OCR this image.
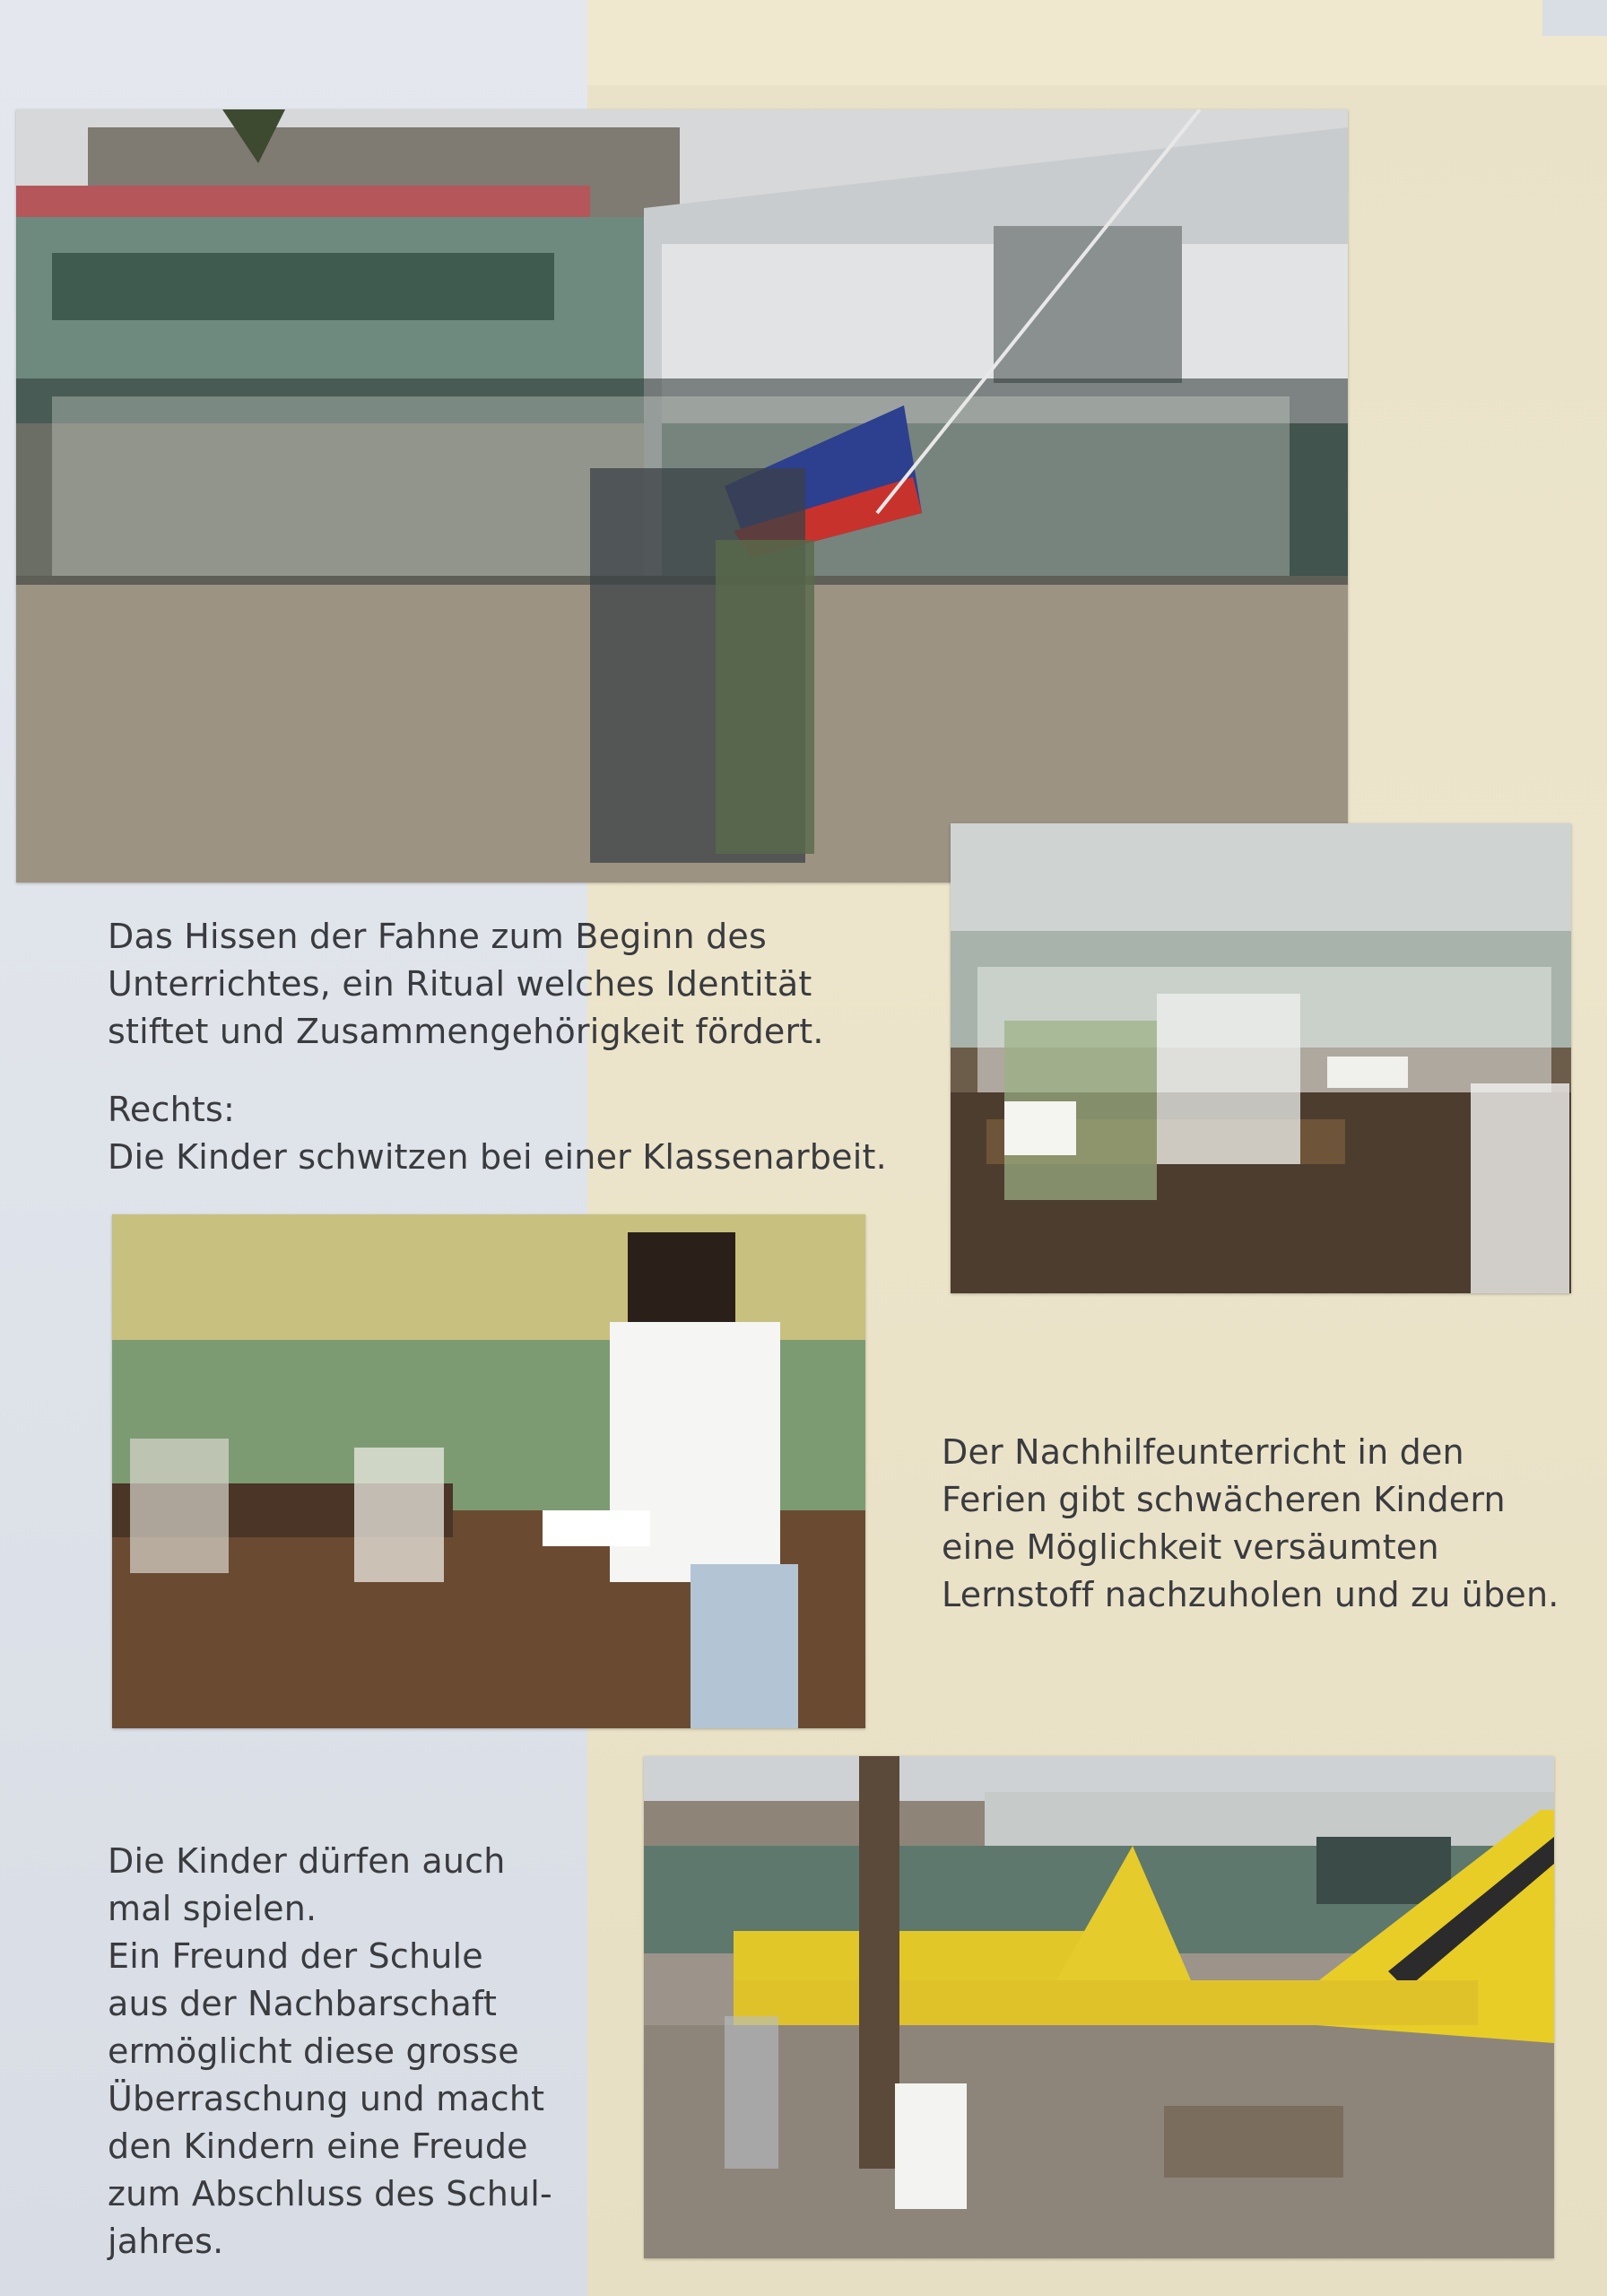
Das Hissen der Fahne zum Beginn des

Unterrichtes, ein Ritual welches Identität

stiftet und Zusammengehörigkeit fördert.

Rechts:

Die Kinder schwitzen bei einer Klassenarbeit.

Der Nachhilfeunterricht in den

Ferien gibt schwächeren Kindern

eine Möglichkeit versäumten

Lernstoff nachzuholen und zu üben.

Die Kinder dürfen auch

mal spielen.

Ein Freund der Schule

aus der Nachbarschaft

ermöglicht diese grosse

Überraschung und macht

den Kindern eine Freude

zum Abschluss des Schul-

jahres.
